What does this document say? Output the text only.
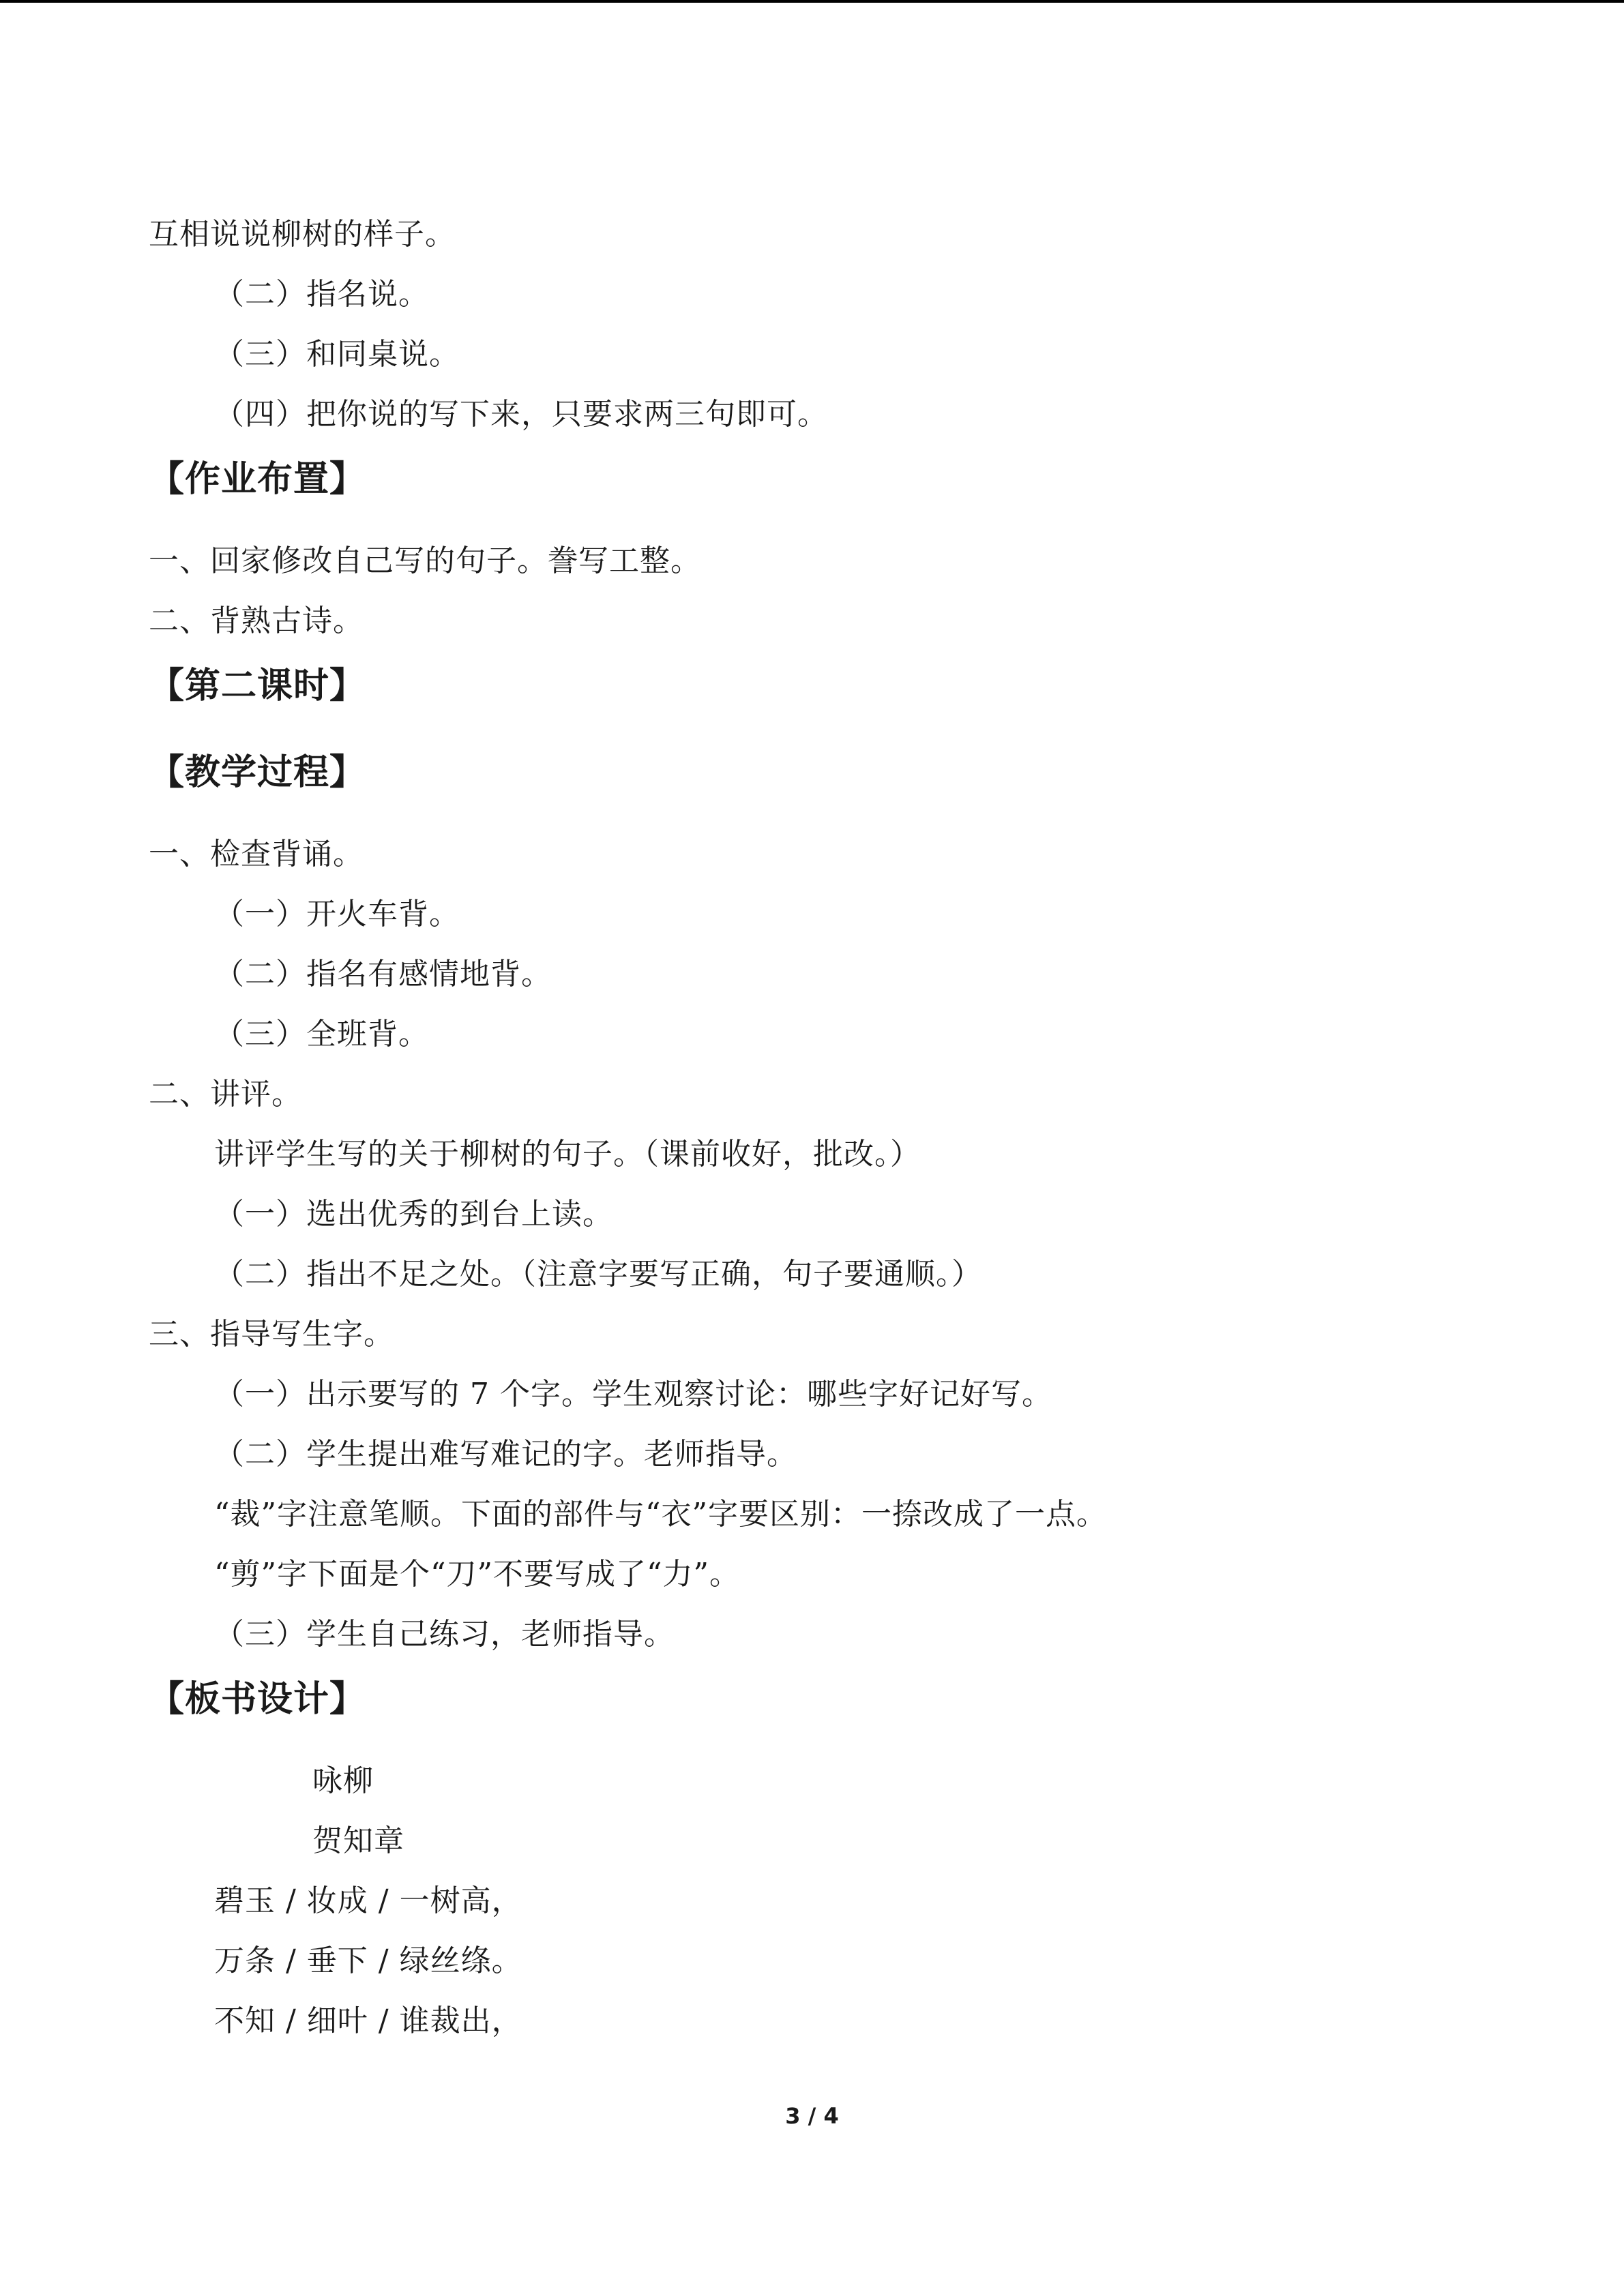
互相说说柳树的样子。
（二）指名说。
（三）和同桌说。
（四）把你说的写下来，只要求两三句即可。
【作业布置】
一、回家修改自己写的句子。誊写工整。
二、背熟古诗。
【第二课时】
【教学过程】
一、检查背诵。
（一）开火车背。
（二）指名有感情地背。
（三）全班背。
二、讲评。
讲评学生写的关于柳树的句子。（课前收好，批改。）
（一）选出优秀的到台上读。
（二）指出不足之处。（注意字要写正确，句子要通顺。）
三、指导写生字。
（一）出示要写的 7 个字。学生观察讨论：哪些字好记好写。
（二）学生提出难写难记的字。老师指导。
“裁”字注意笔顺。下面的部件与“衣”字要区别：一捺改成了一点。
“剪”字下面是个“刀”不要写成了“力”。
（三）学生自己练习，老师指导。
【板书设计】
咏柳
贺知章
碧玉 / 妆成 / 一树高，
万条 / 垂下 / 绿丝绦。
不知 / 细叶 / 谁裁出，
3 / 4
